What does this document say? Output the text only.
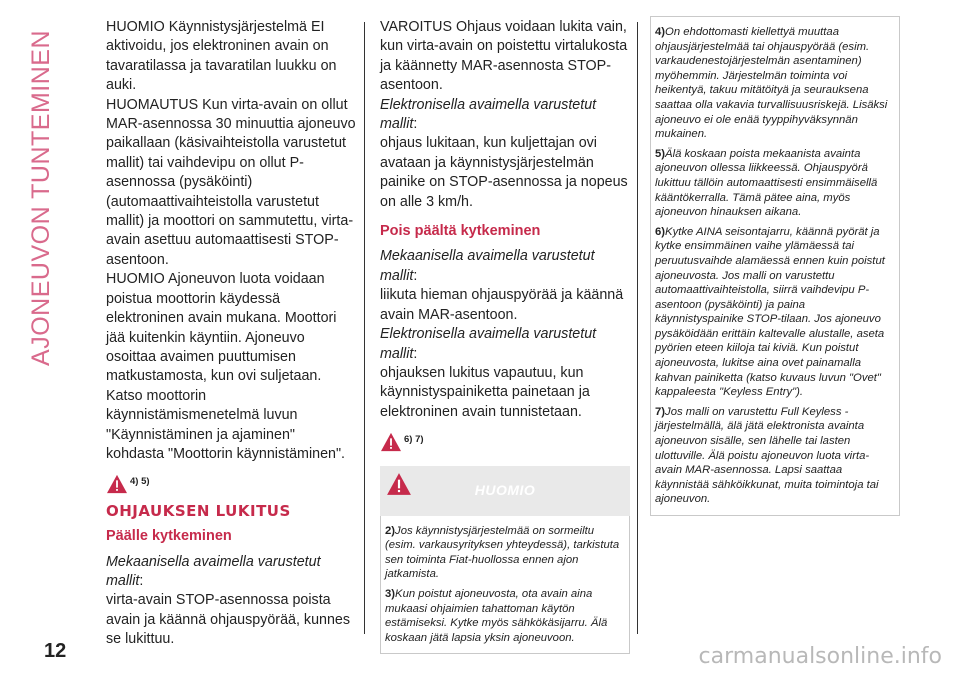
AJONEUVON TUNTEMINEN

HUOMIO Käynnistysjärjestelmä EI aktivoidu, jos elektroninen avain on tavaratilassa ja tavaratilan luukku on auki.

HUOMAUTUS Kun virta-avain on ollut MAR-asennossa 30 minuuttia ajoneuvo paikallaan (käsivaihteistolla varustetut mallit) tai vaihdevipu on ollut P-asennossa (pysäköinti) (automaattivaihteistolla varustetut mallit) ja moottori on sammutettu, virta-avain asettuu automaattisesti STOP-asentoon.

HUOMIO Ajoneuvon luota voidaan poistua moottorin käydessä elektroninen avain mukana. Moottori jää kuitenkin käyntiin. Ajoneuvo osoittaa avaimen puuttumisen matkustamosta, kun ovi suljetaan.

Katso moottorin käynnistämismenetelmä luvun "Käynnistäminen ja ajaminen" kohdasta "Moottorin käynnistäminen".

4) 5)
OHJAUKSEN LUKITUS
Päälle kytkeminen

Mekaanisella avaimella varustetut mallit:

virta-avain STOP-asennossa poista avain ja käännä ohjauspyörää, kunnes se lukittuu.

VAROITUS Ohjaus voidaan lukita vain, kun virta-avain on poistettu virtalukosta ja käännetty MAR-asennosta STOP-asentoon.

Elektronisella avaimella varustetut mallit:

ohjaus lukitaan, kun kuljettajan ovi avataan ja käynnistysjärjestelmän painike on STOP-asennossa ja nopeus on alle 3 km/h.

Pois päältä kytkeminen

Mekaanisella avaimella varustetut mallit:

liikuta hieman ohjauspyörää ja käännä avain MAR-asentoon.

Elektronisella avaimella varustetut mallit:

ohjauksen lukitus vapautuu, kun käynnistyspainiketta painetaan ja elektroninen avain tunnistetaan.

6) 7)
HUOMIO

2)Jos käynnistysjärjestelmää on sormeiltu (esim. varkausyrityksen yhteydessä), tarkistuta sen toiminta Fiat-huollossa ennen ajon jatkamista.

3)Kun poistut ajoneuvosta, ota avain aina mukaasi ohjaimien tahattoman käytön estämiseksi. Kytke myös sähkökäsijarru. Älä koskaan jätä lapsia yksin ajoneuvoon.

4)On ehdottomasti kiellettyä muuttaa ohjausjärjestelmää tai ohjauspyörää (esim. varkaudenestojärjestelmän asentaminen) myöhemmin. Järjestelmän toiminta voi heikentyä, takuu mitätöityä ja seurauksena saattaa olla vakavia turvallisuusriskejä. Lisäksi ajoneuvo ei ole enää tyyppihyväksynnän mukainen.

5)Älä koskaan poista mekaanista avainta ajoneuvon ollessa liikkeessä. Ohjauspyörä lukittuu tällöin automaattisesti ensimmäisellä kääntökerralla. Tämä pätee aina, myös ajoneuvon hinauksen aikana.

6)Kytke AINA seisontajarru, käännä pyörät ja kytke ensimmäinen vaihe ylämäessä tai peruutusvaihde alamäessä ennen kuin poistut ajoneuvosta. Jos malli on varustettu automaattivaihteistolla, siirrä vaihdevipu P-asentoon (pysäköinti) ja paina käynnistyspainike STOP-tilaan. Jos ajoneuvo pysäköidään erittäin kaltevalle alustalle, aseta pyörien eteen kiiloja tai kiviä. Kun poistut ajoneuvosta, lukitse aina ovet painamalla kahvan painiketta (katso kuvaus luvun "Ovet" kappaleesta "Keyless Entry").

7)Jos malli on varustettu Full Keyless -järjestelmällä, älä jätä elektronista avainta ajoneuvon sisälle, sen lähelle tai lasten ulottuville. Älä poistu ajoneuvon luota virta-avain MAR-asennossa. Lapsi saattaa käynnistää sähköikkunat, muita toimintoja tai ajoneuvon.

12	carmanualsonline.info
